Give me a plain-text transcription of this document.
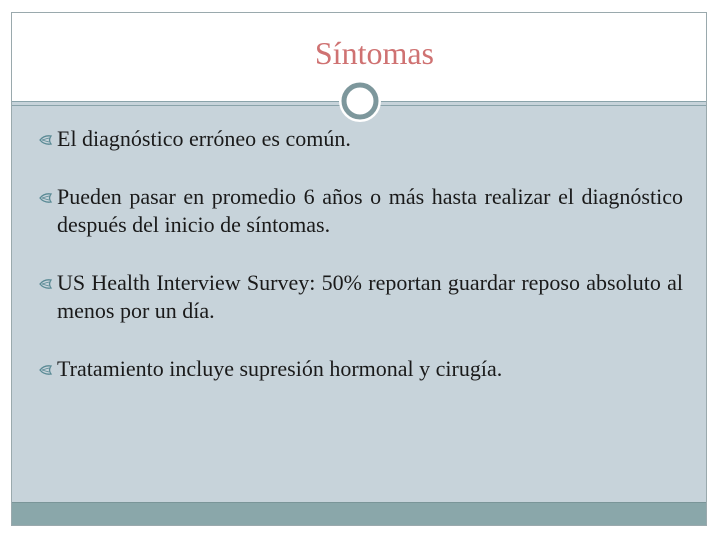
Síntomas
El diagnóstico erróneo es común.
Pueden pasar en promedio 6 años o más hasta realizar el diagnóstico después del inicio de síntomas.
US Health Interview Survey: 50% reportan guardar reposo absoluto al menos por un día.
Tratamiento incluye supresión hormonal y cirugía.
